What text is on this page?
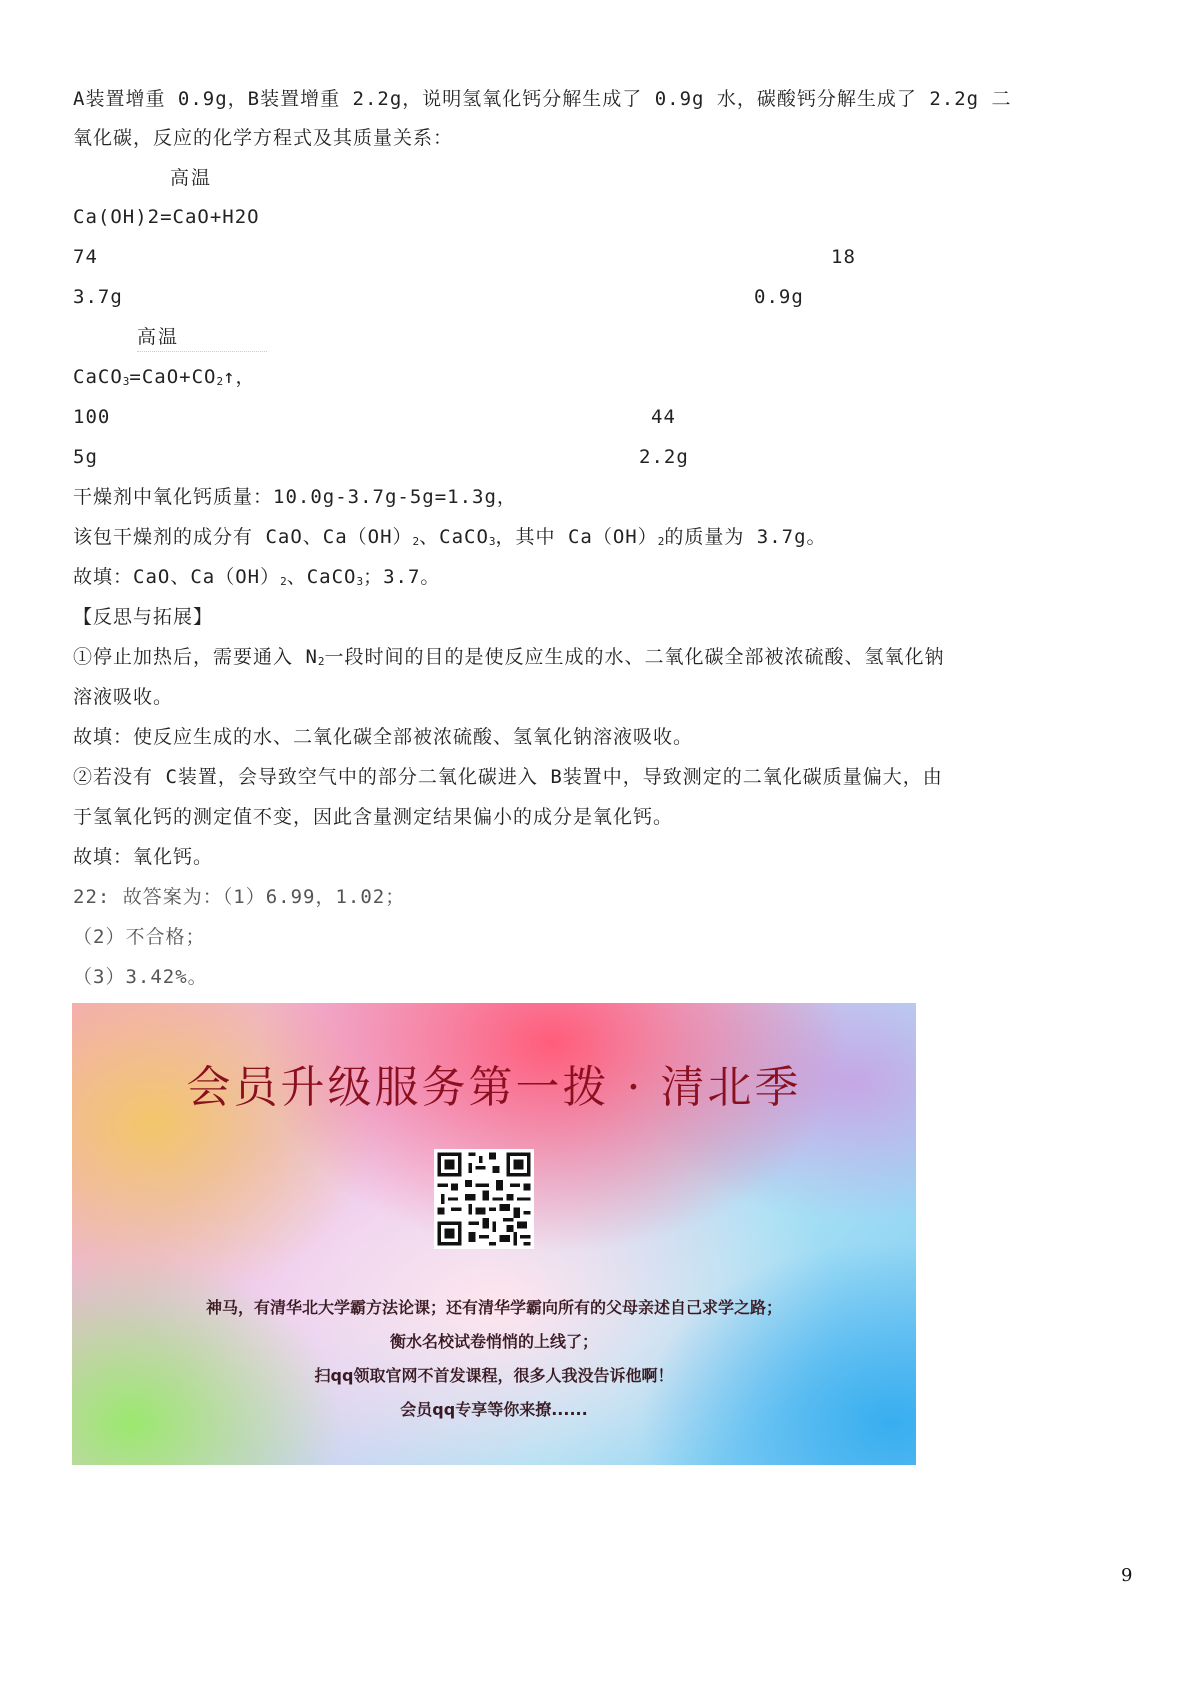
A装置增重 0.9g，B装置增重 2.2g，说明氢氧化钙分解生成了 0.9g 水，碳酸钙分解生成了 2.2g 二
氧化碳，反应的化学方程式及其质量关系：
高温
Ca(OH)2=CaO+H2O
74	18
3.7g	0.9g
高温
$CaCO_3=CaO+CO_2↑$，
100	44
5g	2.2g
干燥剂中氧化钙质量：10.0g-3.7g-5g=1.3g，
该包干燥剂的成分有 CaO、$Ca(OH)_2$、CaCO$_3$，其中 $Ca(OH)_2$的质量为 3.7g。
故填：CaO、$Ca(OH)_2$、CaCO$_3$；3.7。
【反思与拓展】
①停止加热后，需要通入 $N_2$一段时间的目的是使反应生成的水、二氧化碳全部被浓硫酸、氢氧化钠
溶液吸收。
故填：使反应生成的水、二氧化碳全部被浓硫酸、氢氧化钠溶液吸收。
②若没有 C装置，会导致空气中的部分二氧化碳进入 B装置中，导致测定的二氧化碳质量偏大，由
于氢氧化钙的测定值不变，因此含量测定结果偏小的成分是氧化钙。
故填：氧化钙。
22: 故答案为：（1）6.99，1.02；
（2）不合格；
（3）3.42%。
会员升级服务第一拨 · 清北季
神马，有清华北大学霸方法论课；还有清华学霸向所有的父母亲述自己求学之路；
衡水名校试卷悄悄的上线了；
扫qq领取官网不首发课程，很多人我没告诉他啊！
会员qq专享等你来撩......
9
